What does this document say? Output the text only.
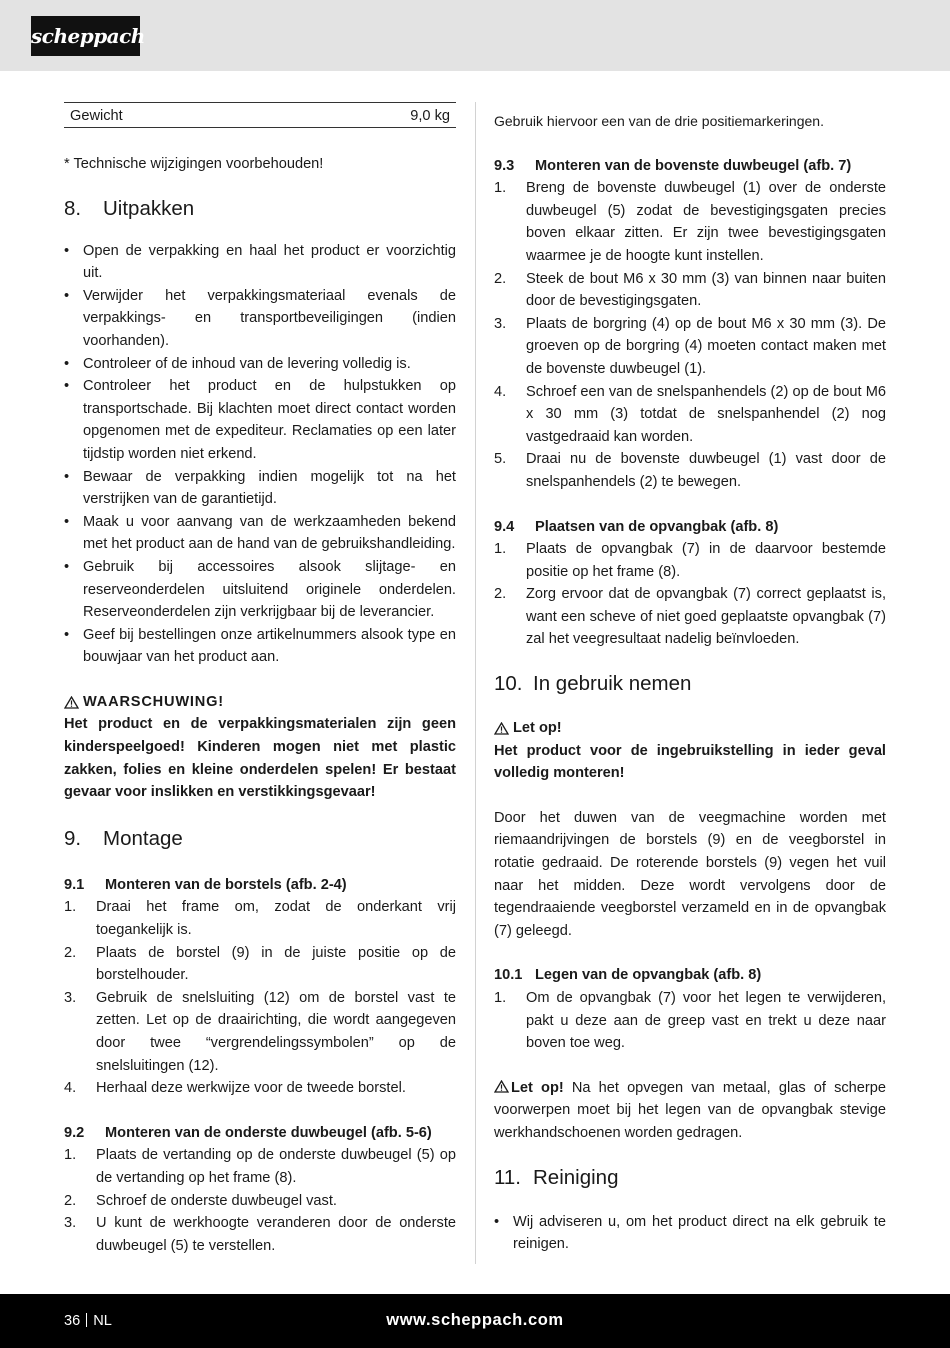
scheppach
Gewicht	9,0 kg

* Technische wijzigingen voorbehouden!

8.	Uitpakken
• Open de verpakking en haal het product er voorzichtig uit.
• Verwijder het verpakkingsmateriaal evenals de verpakkings- en transportbeveiligingen (indien voorhanden).
• Controleer of de inhoud van de levering volledig is.
• Controleer het product en de hulpstukken op transportschade. Bij klachten moet direct contact worden opgenomen met de expediteur. Reclamaties op een later tijdstip worden niet erkend.
• Bewaar de verpakking indien mogelijk tot na het verstrijken van de garantietijd.
• Maak u voor aanvang van de werkzaamheden bekend met het product aan de hand van de gebruikshandleiding.
• Gebruik bij accessoires alsook slijtage- en reserveonderdelen uitsluitend originele onderdelen. Reserveonderdelen zijn verkrijgbaar bij de leverancier.
• Geef bij bestellingen onze artikelnummers alsook type en bouwjaar van het product aan.
WAARSCHUWING!

Het product en de verpakkingsmaterialen zijn geen kinderspeelgoed! Kinderen mogen niet met plastic zakken, folies en kleine onderdelen spelen! Er bestaat gevaar voor inslikken en verstikkingsgevaar!

9.	Montage
9.1	Monteren van de borstels (afb. 2-4)
1. Draai het frame om, zodat de onderkant vrij toegankelijk is.
2. Plaats de borstel (9) in de juiste positie op de borstelhouder.
3. Gebruik de snelsluiting (12) om de borstel vast te zetten. Let op de draairichting, die wordt aangegeven door twee “vergrendelingssymbolen” op de snelsluitingen (12).
4. Herhaal deze werkwijze voor de tweede borstel.
9.2	Monteren van de onderste duwbeugel (afb. 5-6)
1. Plaats de vertanding op de onderste duwbeugel (5) op de vertanding op het frame (8).
2. Schroef de onderste duwbeugel vast.
3. U kunt de werkhoogte veranderen door de onderste duwbeugel (5) te verstellen.

Gebruik hiervoor een van de drie positiemarkeringen.

9.3	Monteren van de bovenste duwbeugel (afb. 7)
1. Breng de bovenste duwbeugel (1) over de onderste duwbeugel (5) zodat de bevestigingsgaten precies boven elkaar zitten. Er zijn twee bevestigingsgaten waarmee je de hoogte kunt instellen.
2. Steek de bout M6 x 30 mm (3) van binnen naar buiten door de bevestigingsgaten.
3. Plaats de borgring (4) op de bout M6 x 30 mm (3). De groeven op de borgring (4) moeten contact maken met de bovenste duwbeugel (1).
4. Schroef een van de snelspanhendels (2) op de bout M6 x 30 mm (3) totdat de snelspanhendel (2) nog vastgedraaid kan worden.
5. Draai nu de bovenste duwbeugel (1) vast door de snelspanhendels (2) te bewegen.
9.4	Plaatsen van de opvangbak (afb. 8)
1. Plaats de opvangbak (7) in de daarvoor bestemde positie op het frame (8).
2. Zorg ervoor dat de opvangbak (7) correct geplaatst is, want een scheve of niet goed geplaatste opvangbak (7) zal het veegresultaat nadelig beïnvloeden.
10. In gebruik nemen
Let op!

Het product voor de ingebruikstelling in ieder geval volledig monteren!

Door het duwen van de veegmachine worden met riemaandrijvingen de borstels (9) en de veegborstel in rotatie gedraaid. De roterende borstels (9) vegen het vuil naar het midden. Deze wordt vervolgens door de tegendraaiende veegborstel verzameld en in de opvangbak (7) geleegd.

10.1 Legen van de opvangbak (afb. 8)
1. Om de opvangbak (7) voor het legen te verwijderen, pakt u deze aan de greep vast en trekt u deze naar boven toe weg.

Let op! Na het opvegen van metaal, glas of scherpe voorwerpen moet bij het legen van de opvangbak stevige werkhandschoenen worden gedragen.

11. Reiniging
• Wij adviseren u, om het product direct na elk gebruik te reinigen.
36 NL	www.scheppach.com
